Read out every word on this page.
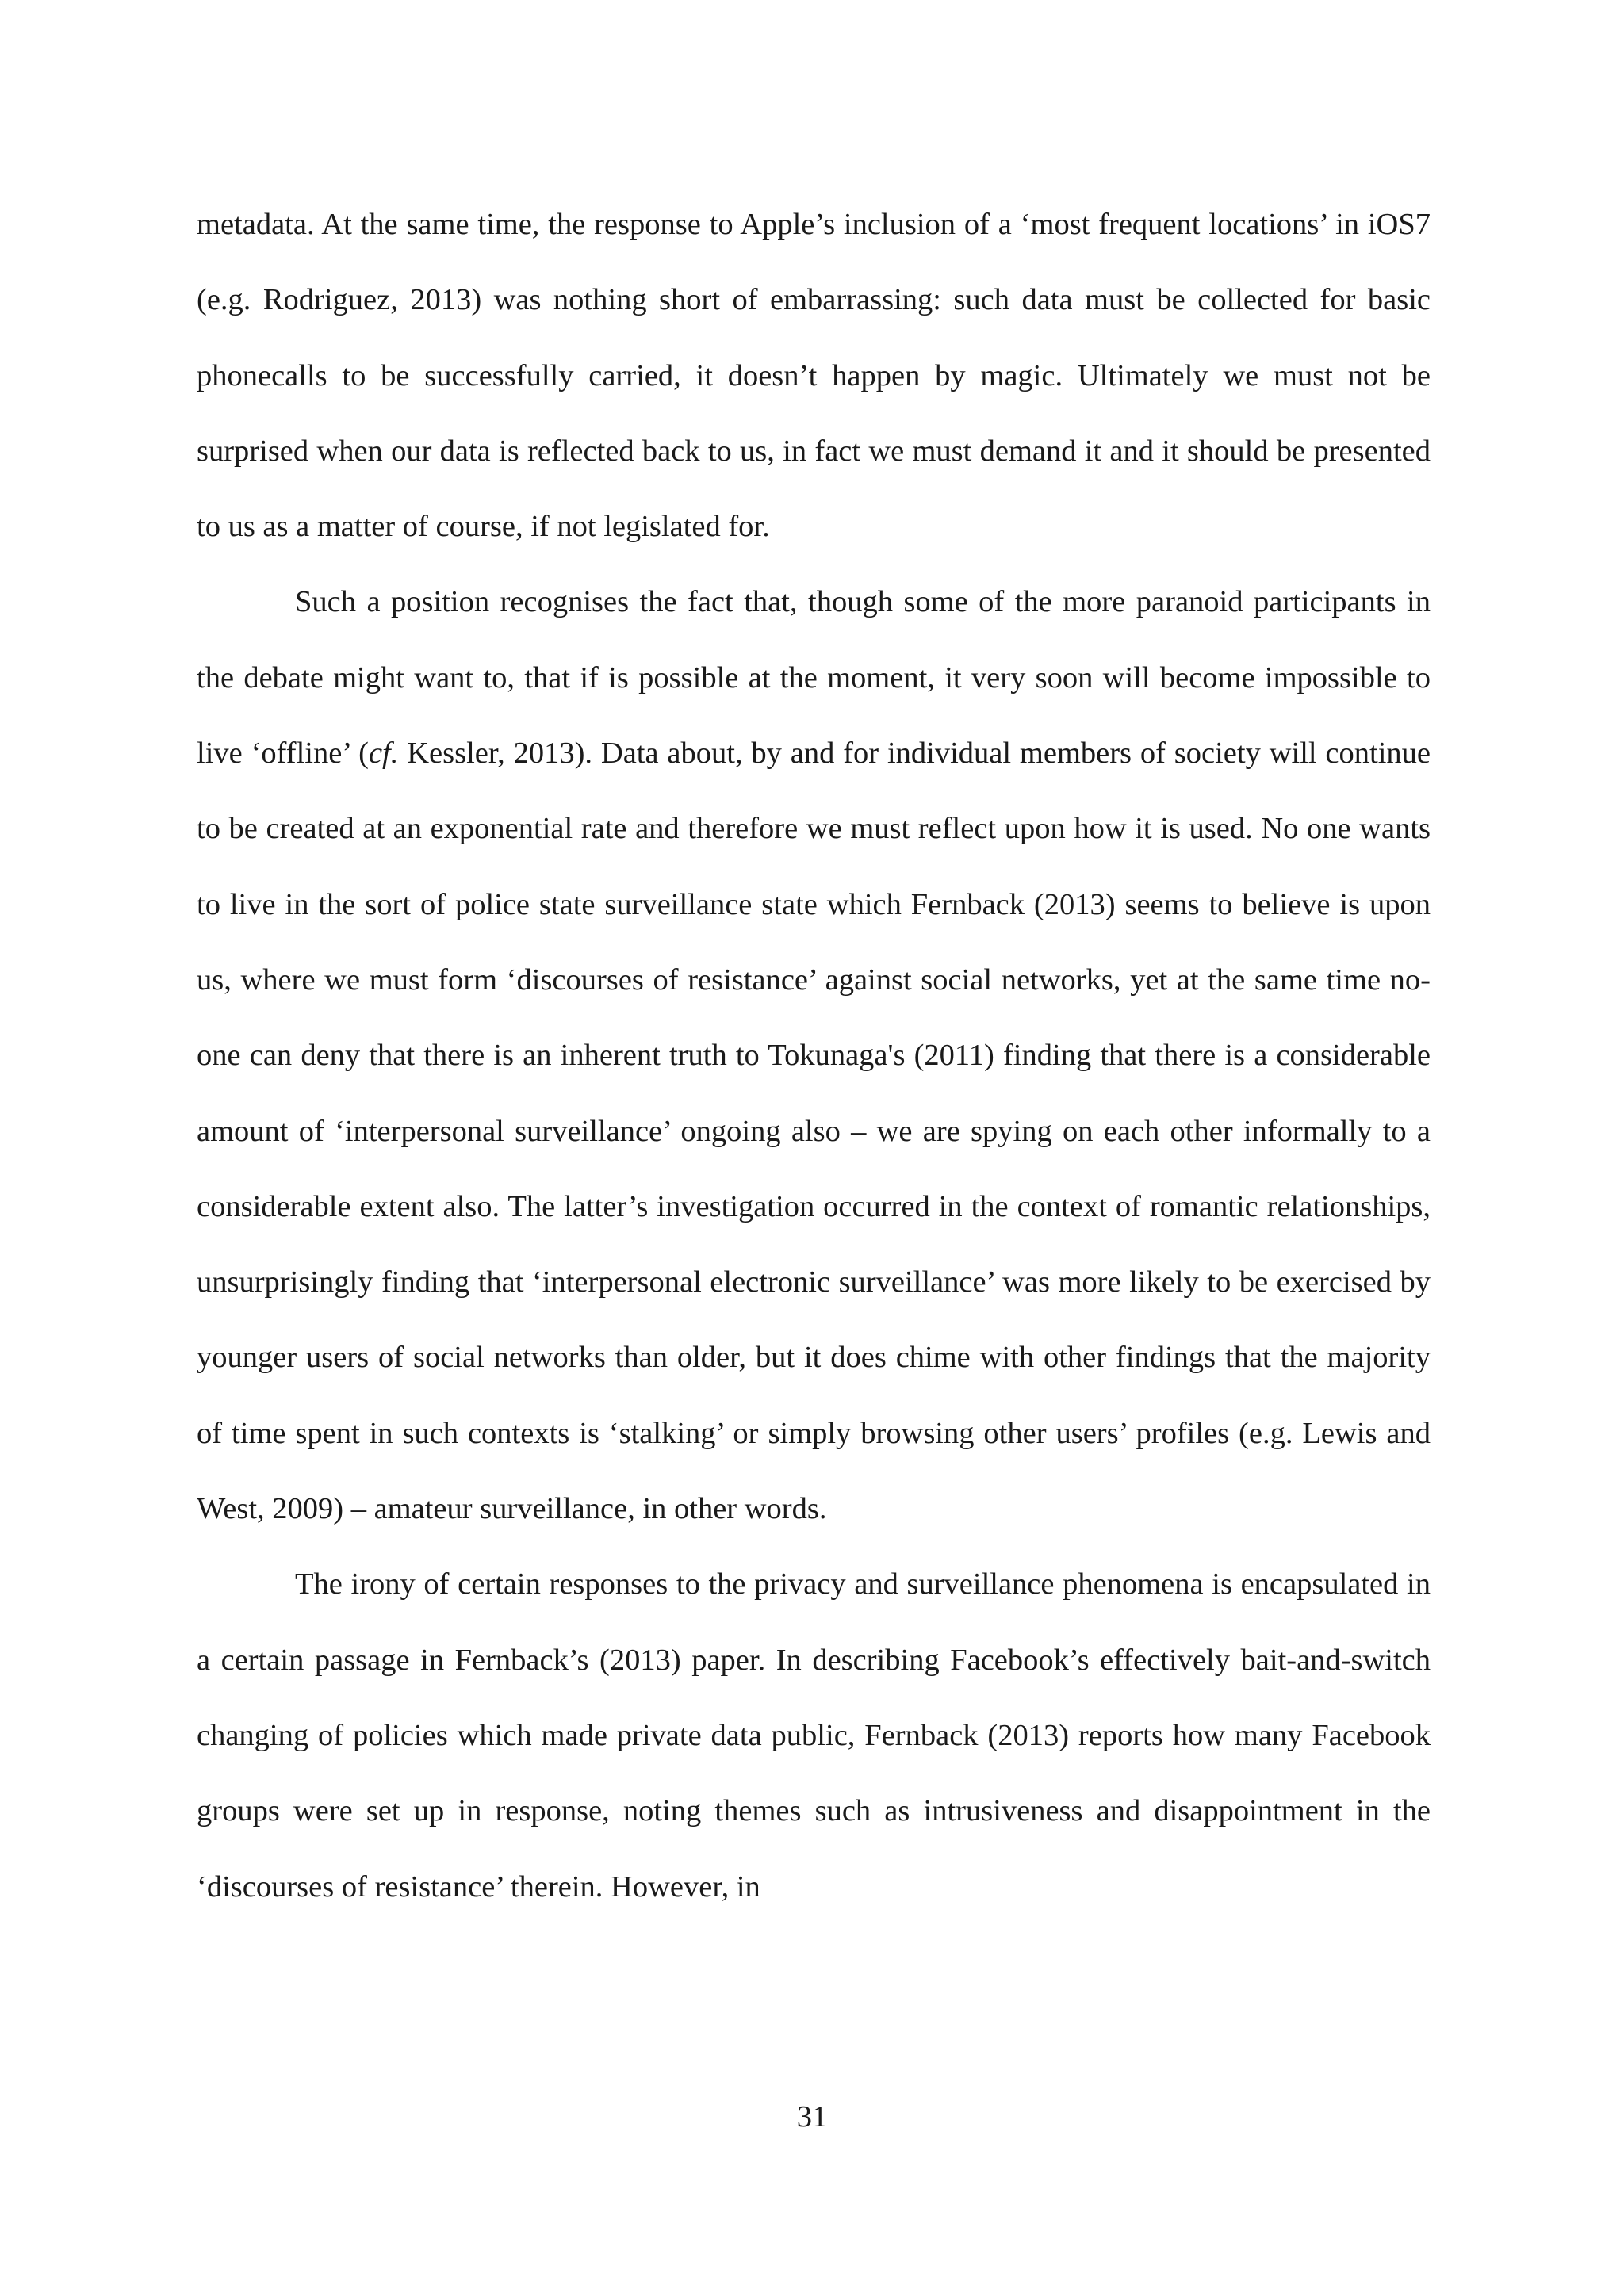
metadata. At the same time, the response to Apple’s inclusion of a ‘most frequent locations’ in iOS7 (e.g. Rodriguez, 2013) was nothing short of embarrassing: such data must be collected for basic phonecalls to be successfully carried, it doesn’t happen by magic. Ultimately we must not be surprised when our data is reflected back to us, in fact we must demand it and it should be presented to us as a matter of course, if not legislated for.

Such a position recognises the fact that, though some of the more paranoid participants in the debate might want to, that if is possible at the moment, it very soon will become impossible to live ‘offline’ (cf. Kessler, 2013). Data about, by and for individual members of society will continue to be created at an exponential rate and therefore we must reflect upon how it is used. No one wants to live in the sort of police state surveillance state which Fernback (2013) seems to believe is upon us, where we must form ‘discourses of resistance’ against social networks, yet at the same time no-one can deny that there is an inherent truth to Tokunaga's (2011) finding that there is a considerable amount of ‘interpersonal surveillance’ ongoing also – we are spying on each other informally to a considerable extent also. The latter’s investigation occurred in the context of romantic relationships, unsurprisingly finding that ‘interpersonal electronic surveillance’ was more likely to be exercised by younger users of social networks than older, but it does chime with other findings that the majority of time spent in such contexts is ‘stalking’ or simply browsing other users’ profiles (e.g. Lewis and West, 2009) – amateur surveillance, in other words.

The irony of certain responses to the privacy and surveillance phenomena is encapsulated in a certain passage in Fernback’s (2013) paper. In describing Facebook’s effectively bait-and-switch changing of policies which made private data public, Fernback (2013) reports how many Facebook groups were set up in response, noting themes such as intrusiveness and disappointment in the ‘discourses of resistance’ therein. However, in

31
